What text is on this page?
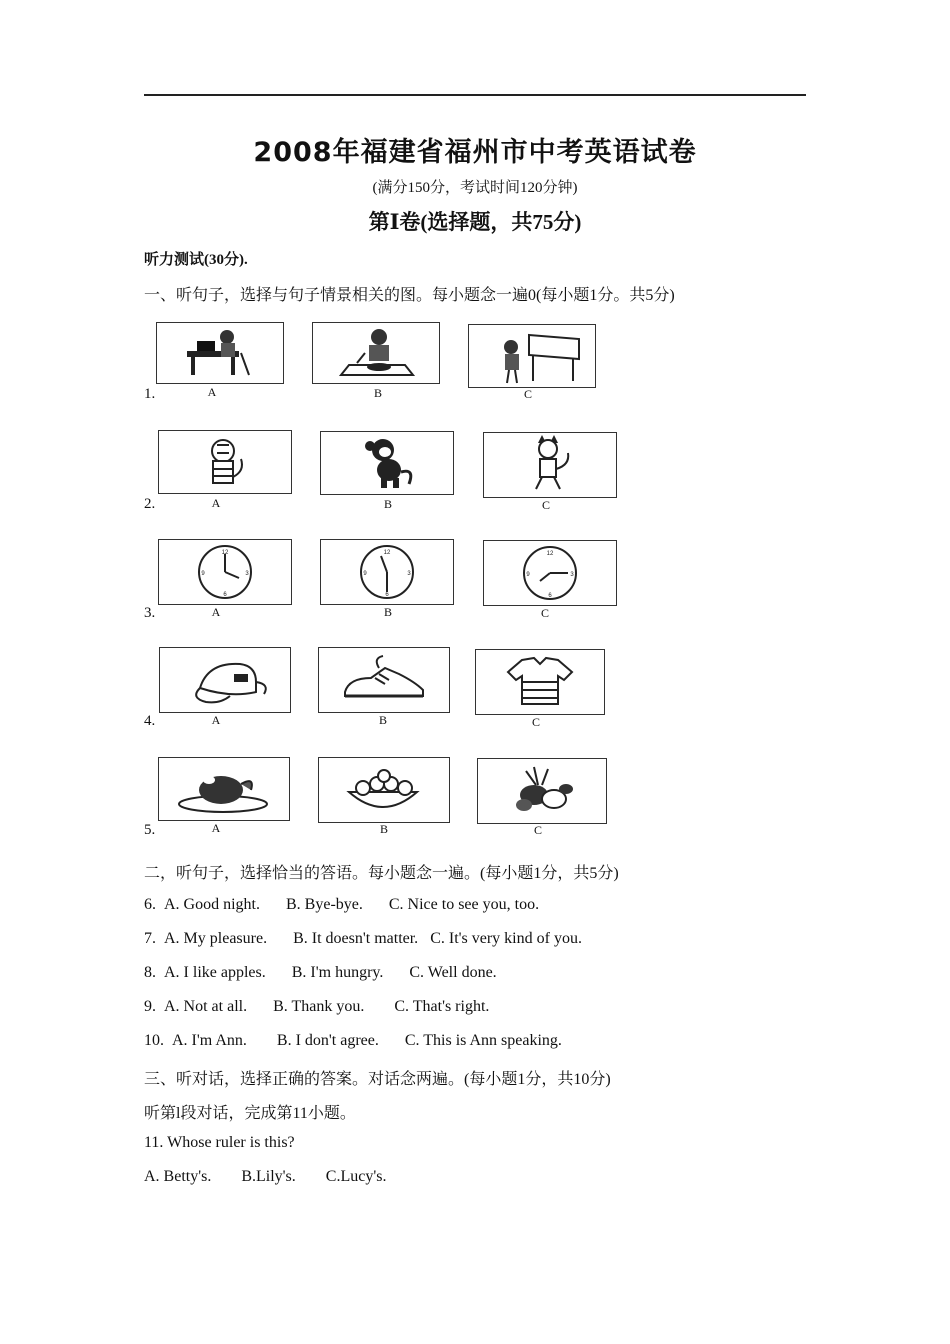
2008年福建省福州市中考英语试卷
(满分150分，考试时间120分钟)
第Ⅰ卷(选择题，共75分)
听力测试(30分).
一、听句子，选择与句子情景相关的图。每小题念一遍0(每小题1分。共5分)
1.	A	B	C
2.	A	B	C
3.
12
3
6
9
A
12
3
6
9
B
12
3
6
9
C
4.	A	B	C
5.	A	B	C
二，听句子，选择恰当的答语。每小题念一遍。(每小题1分，共5分)
6. A. Good night. B. Bye-bye. C. Nice to see you, too.
7. A. My pleasure. B. It doesn't matter. C. It's very kind of you.
8. A. I like apples. B. I'm hungry. C. Well done.
9. A. Not at all. B. Thank you. C. That's right.
10. A. I'm Ann. B. I don't agree. C. This is Ann speaking.
三、听对话，选择正确的答案。对话念两遍。(每小题1分，共10分)
听第l段对话，完成第11小题。
11. Whose ruler is this?
A. Betty's. B.Lily's. C.Lucy's.
